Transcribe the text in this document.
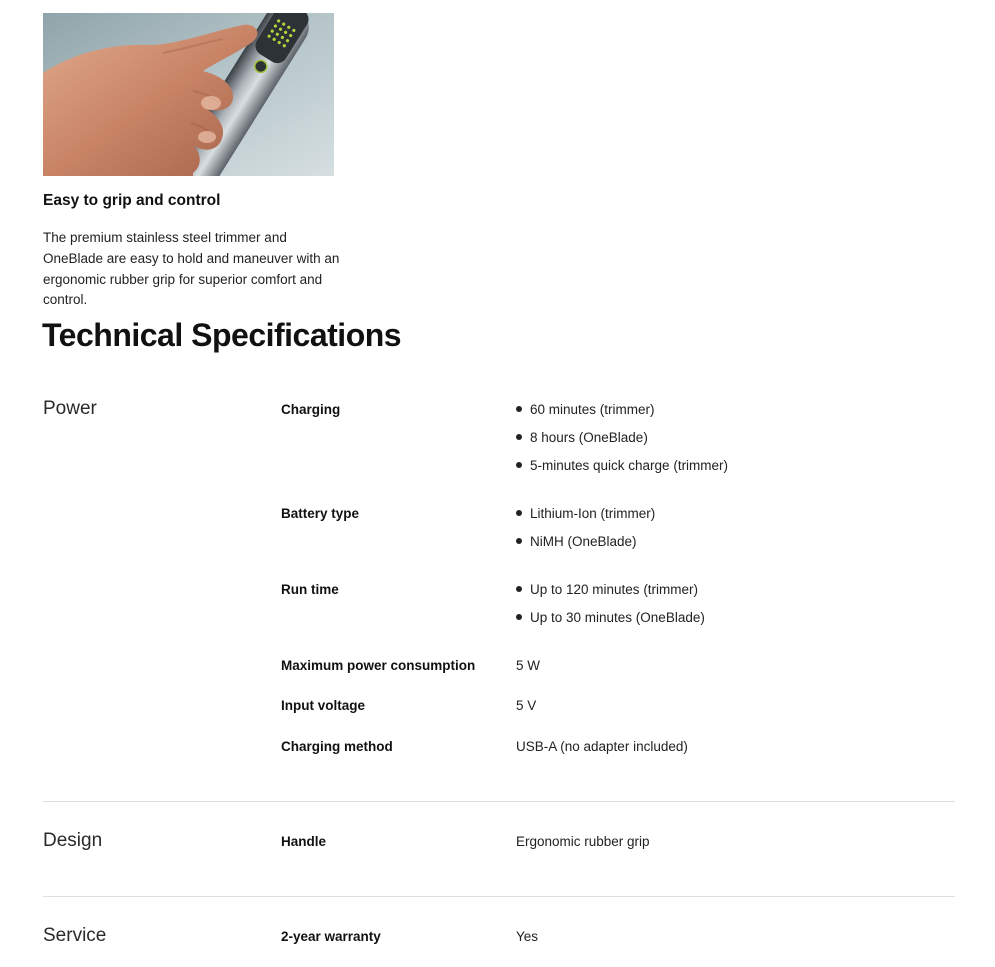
Easy to grip and control

The premium stainless steel trimmer and OneBlade are easy to hold and maneuver with an ergonomic rubber grip for superior comfort and control.

Technical Specifications
Power	Charging	60 minutes (trimmer)
8 hours (OneBlade)
5-minutes quick charge (trimmer)
Battery type	Lithium-Ion (trimmer)
NiMH (OneBlade)
Run time	Up to 120 minutes (trimmer)
Up to 30 minutes (OneBlade)
Maximum power consumption	5 W
Input voltage	5 V
Charging method	USB-A (no adapter included)
Design	Handle	Ergonomic rubber grip
Service	2-year warranty	Yes
